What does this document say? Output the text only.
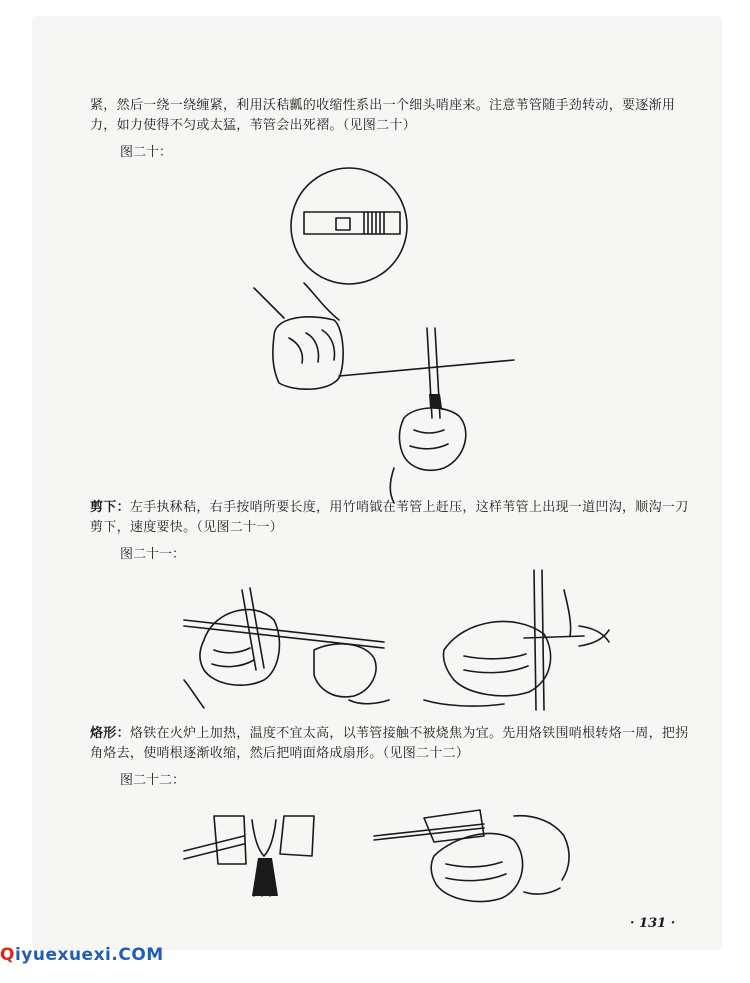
紧，然后一绕一绕缠紧，利用沃秸瓤的收缩性系出一个细头哨座来。注意苇管随手劲转动，要逐渐用力，如力使得不匀或太猛，苇管会出死褶。（见图二十）

图二十：

剪下：左手执秫秸，右手按哨所要长度，用竹哨钺在苇管上赶压，这样苇管上出现一道凹沟，顺沟一刀剪下，速度要快。（见图二十一）

图二十一：

烙形：烙铁在火炉上加热，温度不宜太高，以苇管接触不被烧焦为宜。先用烙铁围哨根转烙一周，把拐角烙去，使哨根逐渐收缩，然后把哨面烙成扇形。（见图二十二）

图二十二：
· 131 ·
Qiyuexuexi.COM
